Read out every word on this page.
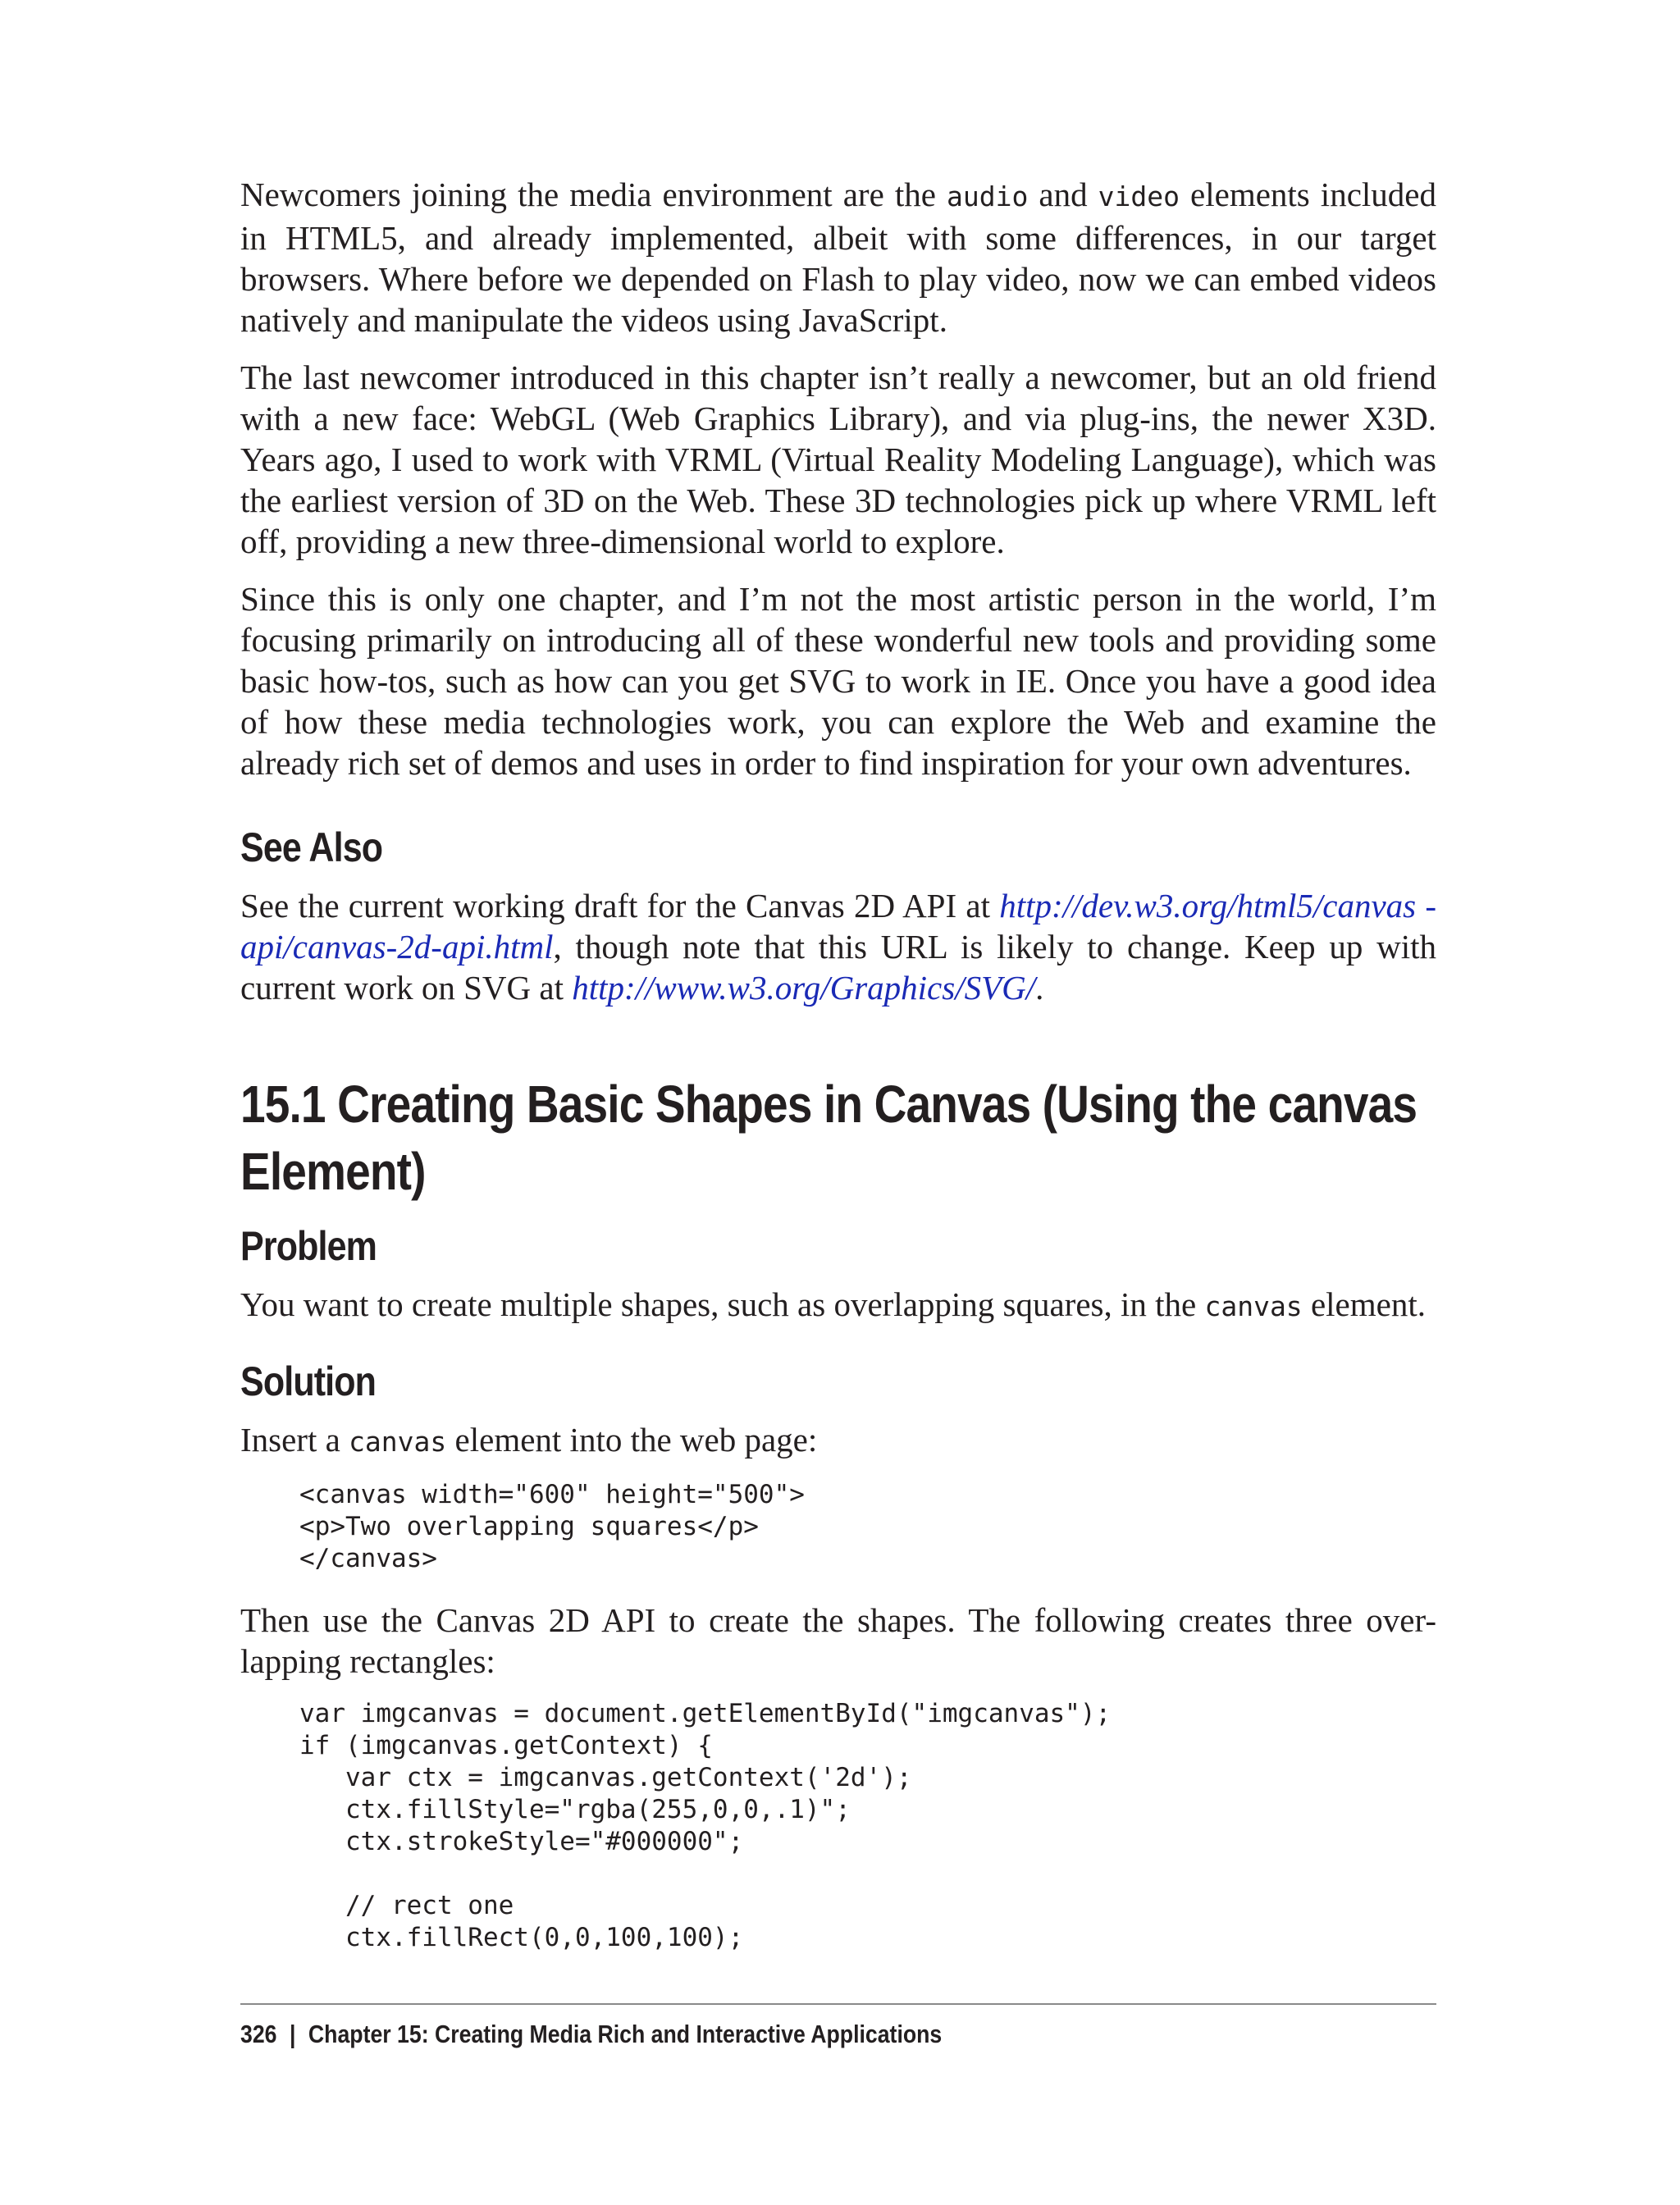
Newcomers joining the media environment are the audio and video elements included in HTML5, and already implemented, albeit with some differences, in our target browsers. Where before we depended on Flash to play video, now we can embed videos natively and manipulate the videos using JavaScript.

The last newcomer introduced in this chapter isn’t really a newcomer, but an old friend with a new face: WebGL (Web Graphics Library), and via plug-ins, the newer X3D. Years ago, I used to work with VRML (Virtual Reality Modeling Language), which was the earliest version of 3D on the Web. These 3D technologies pick up where VRML left off, providing a new three-dimensional world to explore.

Since this is only one chapter, and I’m not the most artistic person in the world, I’m focusing primarily on introducing all of these wonderful new tools and providing some basic how-tos, such as how can you get SVG to work in IE. Once you have a good idea of how these media technologies work, you can explore the Web and examine the already rich set of demos and uses in order to find inspiration for your own adventures.

See Also

See the current working draft for the Canvas 2D API at http://dev.w3.org/html5/canvas -api/canvas-2d-api.html, though note that this URL is likely to change. Keep up with current work on SVG at http://www.w3.org/Graphics/SVG/.

15.1 Creating Basic Shapes in Canvas (Using the canvas Element)
Problem

You want to create multiple shapes, such as overlapping squares, in the canvas element.

Solution

Insert a canvas element into the web page:

<canvas width="600" height="500">
<p>Two overlapping squares</p>
</canvas>

Then use the Canvas 2D API to create the shapes. The following creates three over-lapping rectangles:

var imgcanvas = document.getElementById("imgcanvas");
if (imgcanvas.getContext) {
var ctx = imgcanvas.getContext('2d');
ctx.fillStyle="rgba(255,0,0,.1)";
ctx.strokeStyle="#000000";

// rect one
ctx.fillRect(0,0,100,100);
326 | Chapter 15: Creating Media Rich and Interactive Applications
